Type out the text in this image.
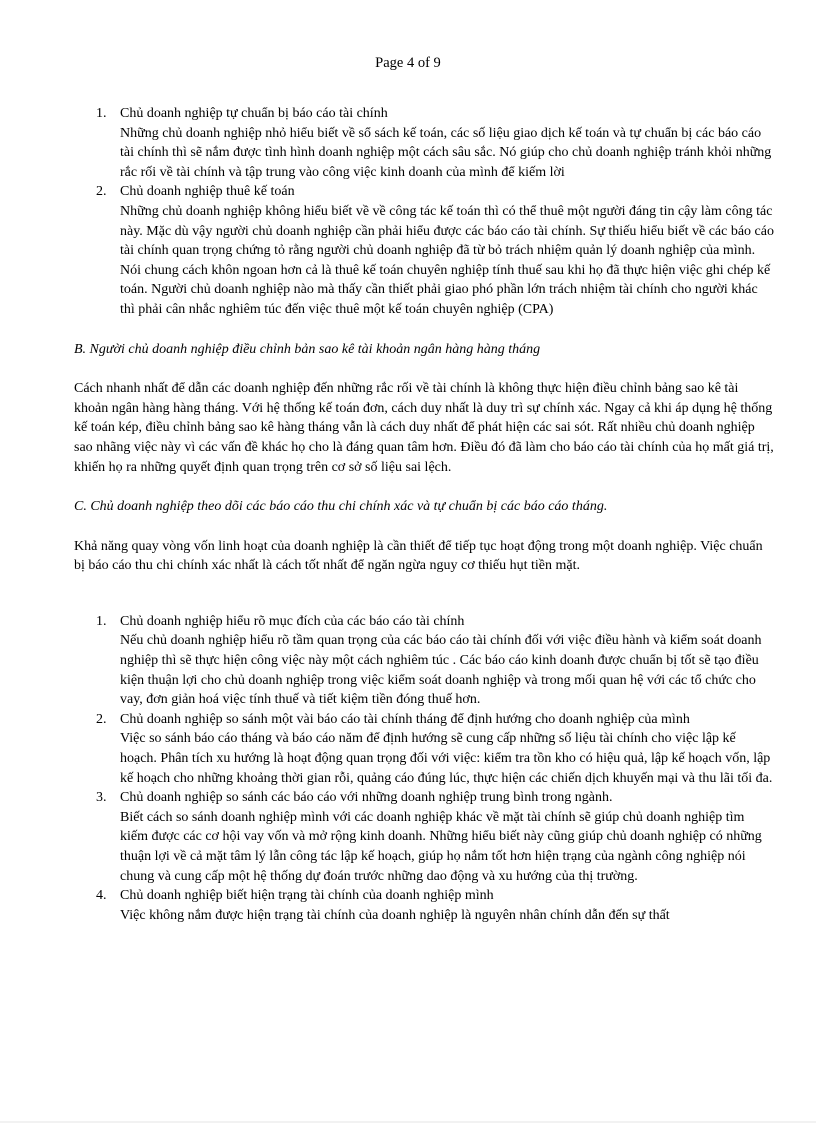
Page 4 of 9
1. Chủ doanh nghiệp tự chuẩn bị báo cáo tài chính
Những chủ doanh nghiệp nhỏ hiểu biết về sổ sách kế toán, các số liệu giao dịch kế toán và tự chuẩn bị các báo cáo tài chính thì sẽ nắm được tình hình doanh nghiệp một cách sâu sắc. Nó giúp cho chủ doanh nghiệp tránh khỏi những rắc rối về tài chính và tập trung vào công việc kinh doanh của mình để kiếm lời
2. Chủ doanh nghiệp thuê kế toán
Những chủ doanh nghiệp không hiểu biết về về công tác kế toán thì có thể thuê một người đáng tin cậy làm công tác này. Mặc dù vậy người chủ doanh nghiệp cần phải hiểu được các báo cáo tài chính. Sự thiếu hiểu biết về các báo cáo tài chính quan trọng chứng tỏ rằng người chủ doanh nghiệp đã từ bỏ trách nhiệm quản lý doanh nghiệp của mình. Nói chung cách khôn ngoan hơn cả là thuê kế toán chuyên nghiệp tính thuế sau khi họ đã thực hiện việc ghi chép kế toán. Người chủ doanh nghiệp nào mà thấy cần thiết phải giao phó phần lớn trách nhiệm tài chính cho người khác thì phải cân nhắc nghiêm túc đến việc thuê một kế toán chuyên nghiệp (CPA)

B. Người chủ doanh nghiệp điều chỉnh bản sao kê tài khoản ngân hàng hàng tháng

Cách nhanh nhất để dẫn các doanh nghiệp đến những rắc rối về tài chính là không thực hiện điều chỉnh bảng sao kê tài khoản ngân hàng hàng tháng. Với hệ thống kế toán đơn, cách duy nhất là duy trì sự chính xác. Ngay cả khi áp dụng hệ thống kế toán kép, điều chỉnh bảng sao kê hàng tháng vẫn là cách duy nhất để phát hiện các sai sót. Rất nhiều chủ doanh nghiệp sao nhãng việc này vì các vấn đề khác họ cho là đáng quan tâm hơn. Điều đó đã làm cho báo cáo tài chính của họ mất giá trị, khiến họ ra những quyết định quan trọng trên cơ sở số liệu sai lệch.

C. Chủ doanh nghiệp theo dõi các báo cáo thu chi chính xác và tự chuẩn bị các báo cáo tháng.

Khả năng quay vòng vốn linh hoạt của doanh nghiệp là cần thiết để tiếp tục hoạt động trong một doanh nghiệp. Việc chuẩn bị báo cáo thu chi chính xác nhất là cách tốt nhất để ngăn ngừa nguy cơ thiếu hụt tiền mặt.

1. Chủ doanh nghiệp hiểu rõ mục đích của các báo cáo tài chính
Nếu chủ doanh nghiệp hiểu rõ tầm quan trọng của các báo cáo tài chính đối với việc điều hành và kiểm soát doanh nghiệp thì sẽ thực hiện công việc này một cách nghiêm túc . Các báo cáo kinh doanh được chuẩn bị tốt sẽ tạo điều kiện thuận lợi cho chủ doanh nghiệp trong việc kiểm soát doanh nghiệp và trong mối quan hệ với các tổ chức cho vay, đơn giản hoá việc tính thuế và tiết kiệm tiền đóng thuế hơn.
2. Chủ doanh nghiệp so sánh một vài báo cáo tài chính tháng để định hướng cho doanh nghiệp của mình
Việc so sánh báo cáo tháng và báo cáo năm để định hướng sẽ cung cấp những số liệu tài chính cho việc lập kế hoạch. Phân tích xu hướng là hoạt động quan trọng đối với việc: kiểm tra tồn kho có hiệu quả, lập kế hoạch vốn, lập kế hoạch cho những khoảng thời gian rỗi, quảng cáo đúng lúc, thực hiện các chiến dịch khuyến mại và thu lãi tối đa.
3. Chủ doanh nghiệp so sánh các báo cáo với những doanh nghiệp trung bình trong ngành.
Biết cách so sánh doanh nghiệp mình với các doanh nghiệp khác về mặt tài chính sẽ giúp chủ doanh nghiệp tìm kiếm được các cơ hội vay vốn và mở rộng kinh doanh. Những hiểu biết này cũng giúp chủ doanh nghiệp có những thuận lợi về cả mặt tâm lý lẫn công tác lập kế hoạch, giúp họ nắm tốt hơn hiện trạng của ngành công nghiệp nói chung và cung cấp một hệ thống dự đoán trước những dao động và xu hướng của thị trường.
4. Chủ doanh nghiệp biết hiện trạng tài chính của doanh nghiệp mình
Việc không nắm được hiện trạng tài chính của doanh nghiệp là nguyên nhân chính dẫn đến sự thất
